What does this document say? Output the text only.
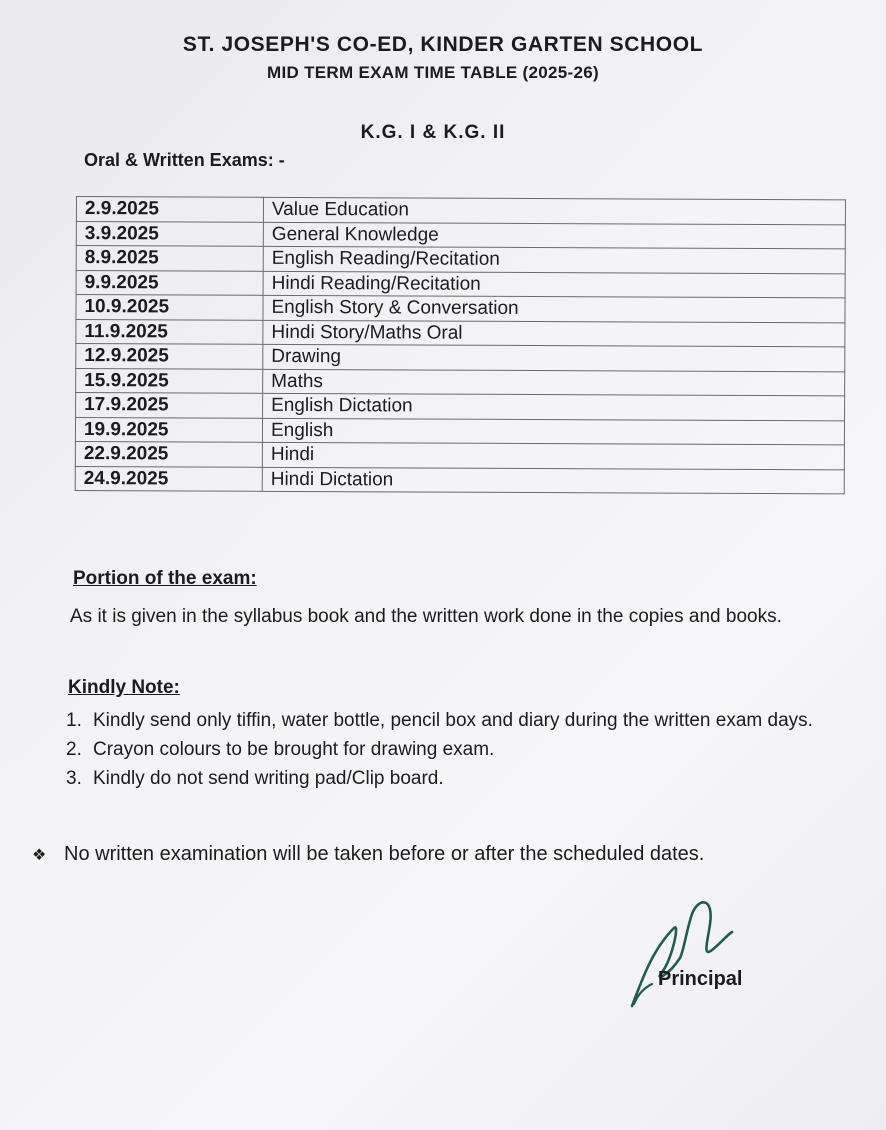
ST. JOSEPH'S CO-ED, KINDER GARTEN SCHOOL
MID TERM EXAM TIME TABLE (2025-26)
K.G. I & K.G. II
Oral & Written Exams: -
2.9.2025	Value Education
3.9.2025	General Knowledge
8.9.2025	English Reading/Recitation
9.9.2025	Hindi Reading/Recitation
10.9.2025	English Story & Conversation
11.9.2025	Hindi Story/Maths Oral
12.9.2025	Drawing
15.9.2025	Maths
17.9.2025	English Dictation
19.9.2025	English
22.9.2025	Hindi
24.9.2025	Hindi Dictation
Portion of the exam:
As it is given in the syllabus book and the written work done in the copies and books.
Kindly Note:
1. Kindly send only tiffin, water bottle, pencil box and diary during the written exam days.
2. Crayon colours to be brought for drawing exam.
3. Kindly do not send writing pad/Clip board.
❖ No written examination will be taken before or after the scheduled dates.
Principal
